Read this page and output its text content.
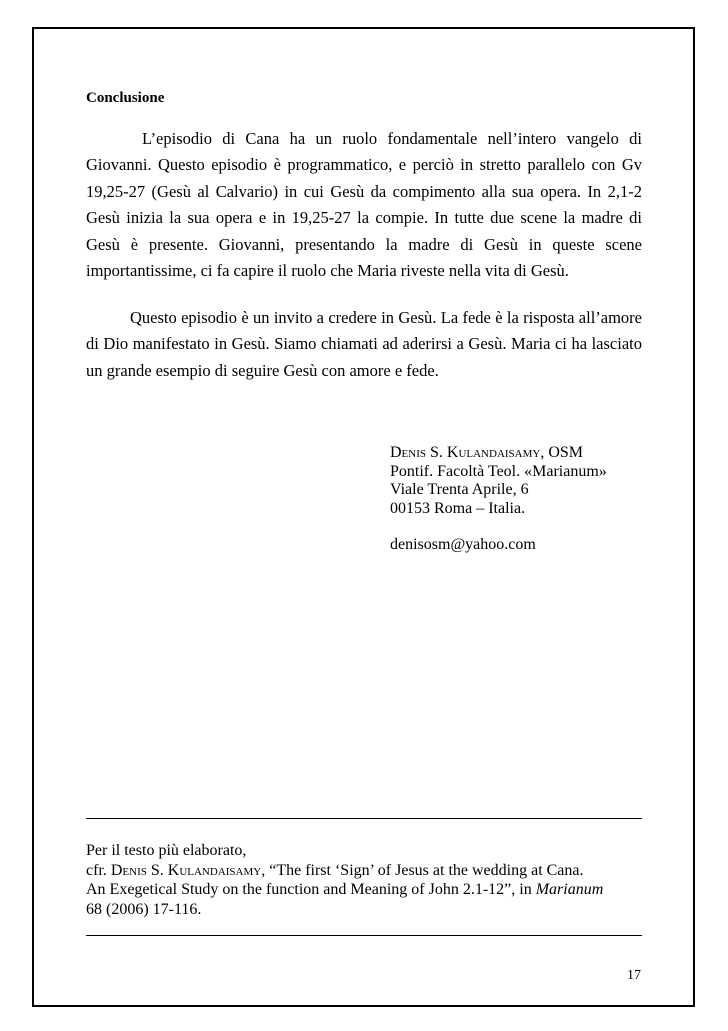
Conclusione

L’episodio di Cana ha un ruolo fondamentale nell’intero vangelo di Giovanni. Questo episodio è programmatico, e perciò in stretto parallelo con Gv 19,25-27 (Gesù al Calvario) in cui Gesù da compimento alla sua opera. In 2,1-2 Gesù inizia la sua opera e in 19,25-27 la compie. In tutte due scene la madre di Gesù è presente. Giovanni, presentando la madre di Gesù in queste scene importantissime, ci fa capire il ruolo che Maria riveste nella vita di Gesù.

Questo episodio è un invito a credere in Gesù. La fede è la risposta all’amore di Dio manifestato in Gesù. Siamo chiamati ad aderirsi a Gesù. Maria ci ha lasciato un grande esempio di seguire Gesù con amore e fede.

Denis S. Kulandaisamy, OSM
Pontif. Facoltà Teol. «Marianum»
Viale Trenta Aprile, 6
00153 Roma – Italia.
denisosm@yahoo.com
Per il testo più elaborato,
cfr. Denis S. Kulandaisamy, “The first ‘Sign’ of Jesus at the wedding at Cana.
An Exegetical Study on the function and Meaning of John 2.1-12”, in Marianum
68 (2006) 17-116.
17
